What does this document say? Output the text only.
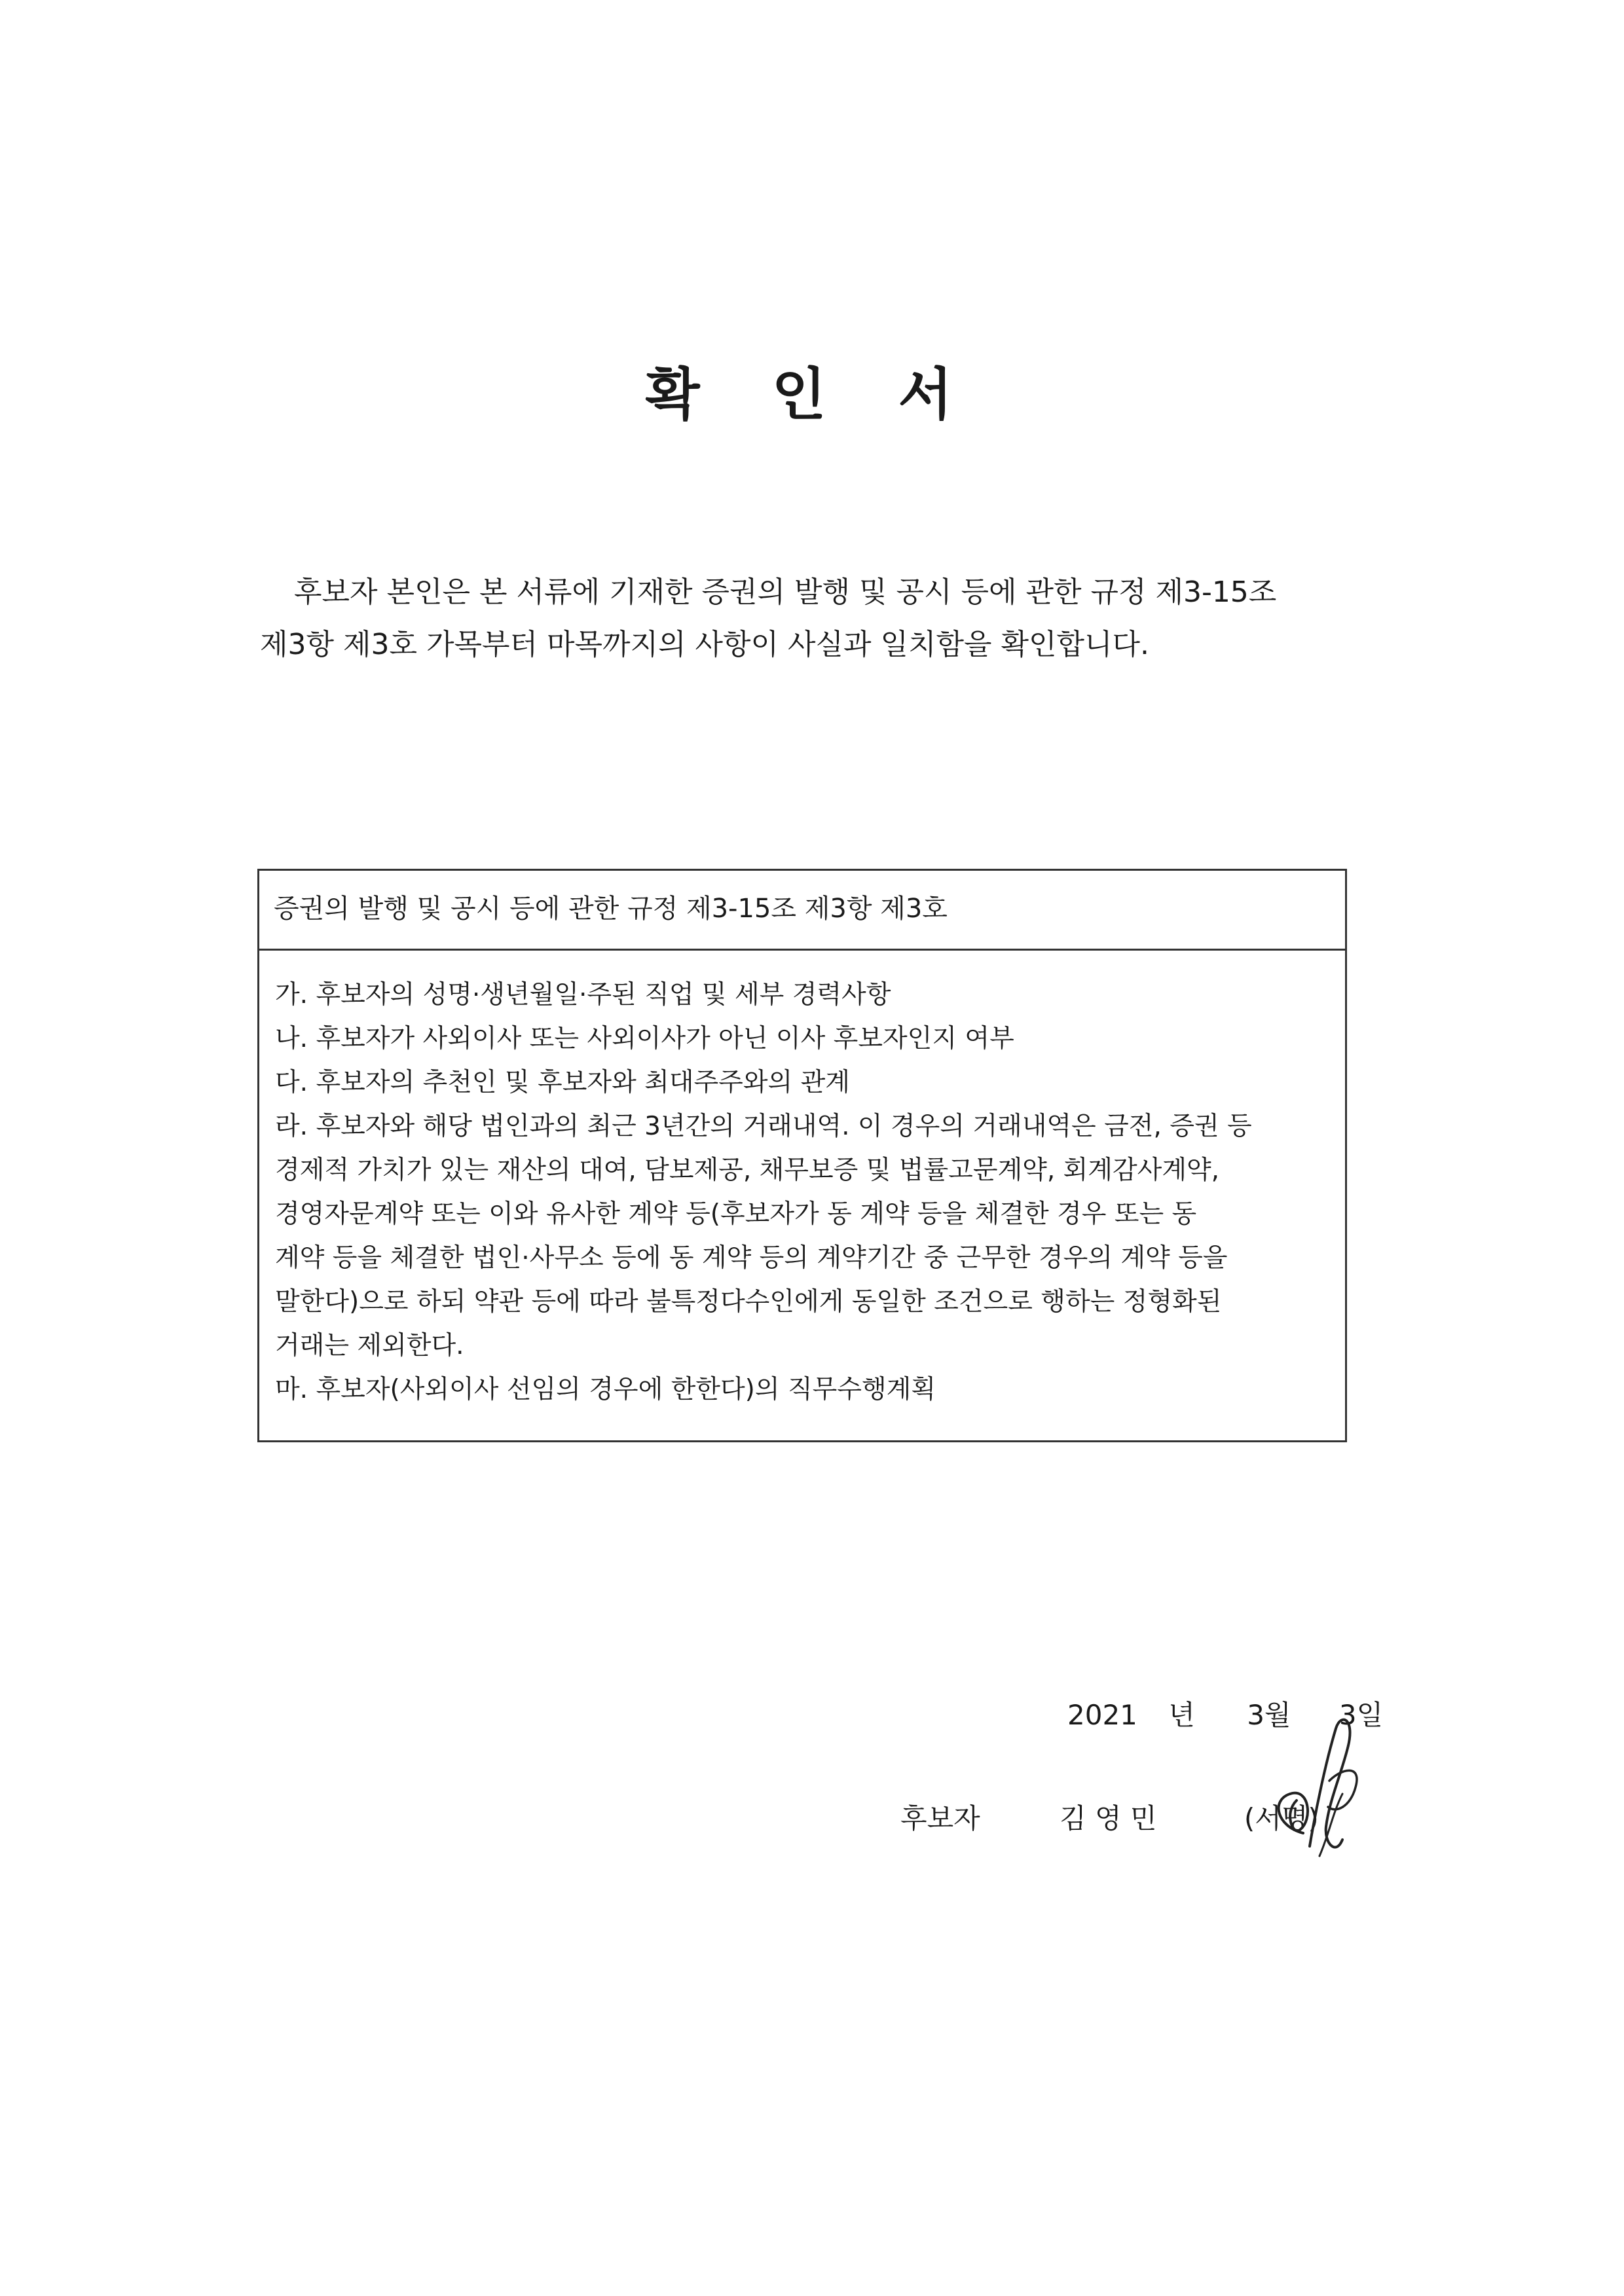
확 인 서

후보자 본인은 본 서류에 기재한 증권의 발행 및 공시 등에 관한 규정 제3-15조

제3항 제3호 가목부터 마목까지의 사항이 사실과 일치함을 확인합니다.

증권의 발행 및 공시 등에 관한 규정 제3-15조 제3항 제3호

가. 후보자의 성명·생년월일·주된 직업 및 세부 경력사항

나. 후보자가 사외이사 또는 사외이사가 아닌 이사 후보자인지 여부

다. 후보자의 추천인 및 후보자와 최대주주와의 관계

라. 후보자와 해당 법인과의 최근 3년간의 거래내역. 이 경우의 거래내역은 금전, 증권 등

경제적 가치가 있는 재산의 대여, 담보제공, 채무보증 및 법률고문계약, 회계감사계약,

경영자문계약 또는 이와 유사한 계약 등(후보자가 동 계약 등을 체결한 경우 또는 동

계약 등을 체결한 법인·사무소 등에 동 계약 등의 계약기간 중 근무한 경우의 계약 등을

말한다)으로 하되 약관 등에 따라 불특정다수인에게 동일한 조건으로 행하는 정형화된

거래는 제외한다.

마. 후보자(사외이사 선임의 경우에 한한다)의 직무수행계획

2021 년 3월 3일
후보자	김 영 민	(서명)
